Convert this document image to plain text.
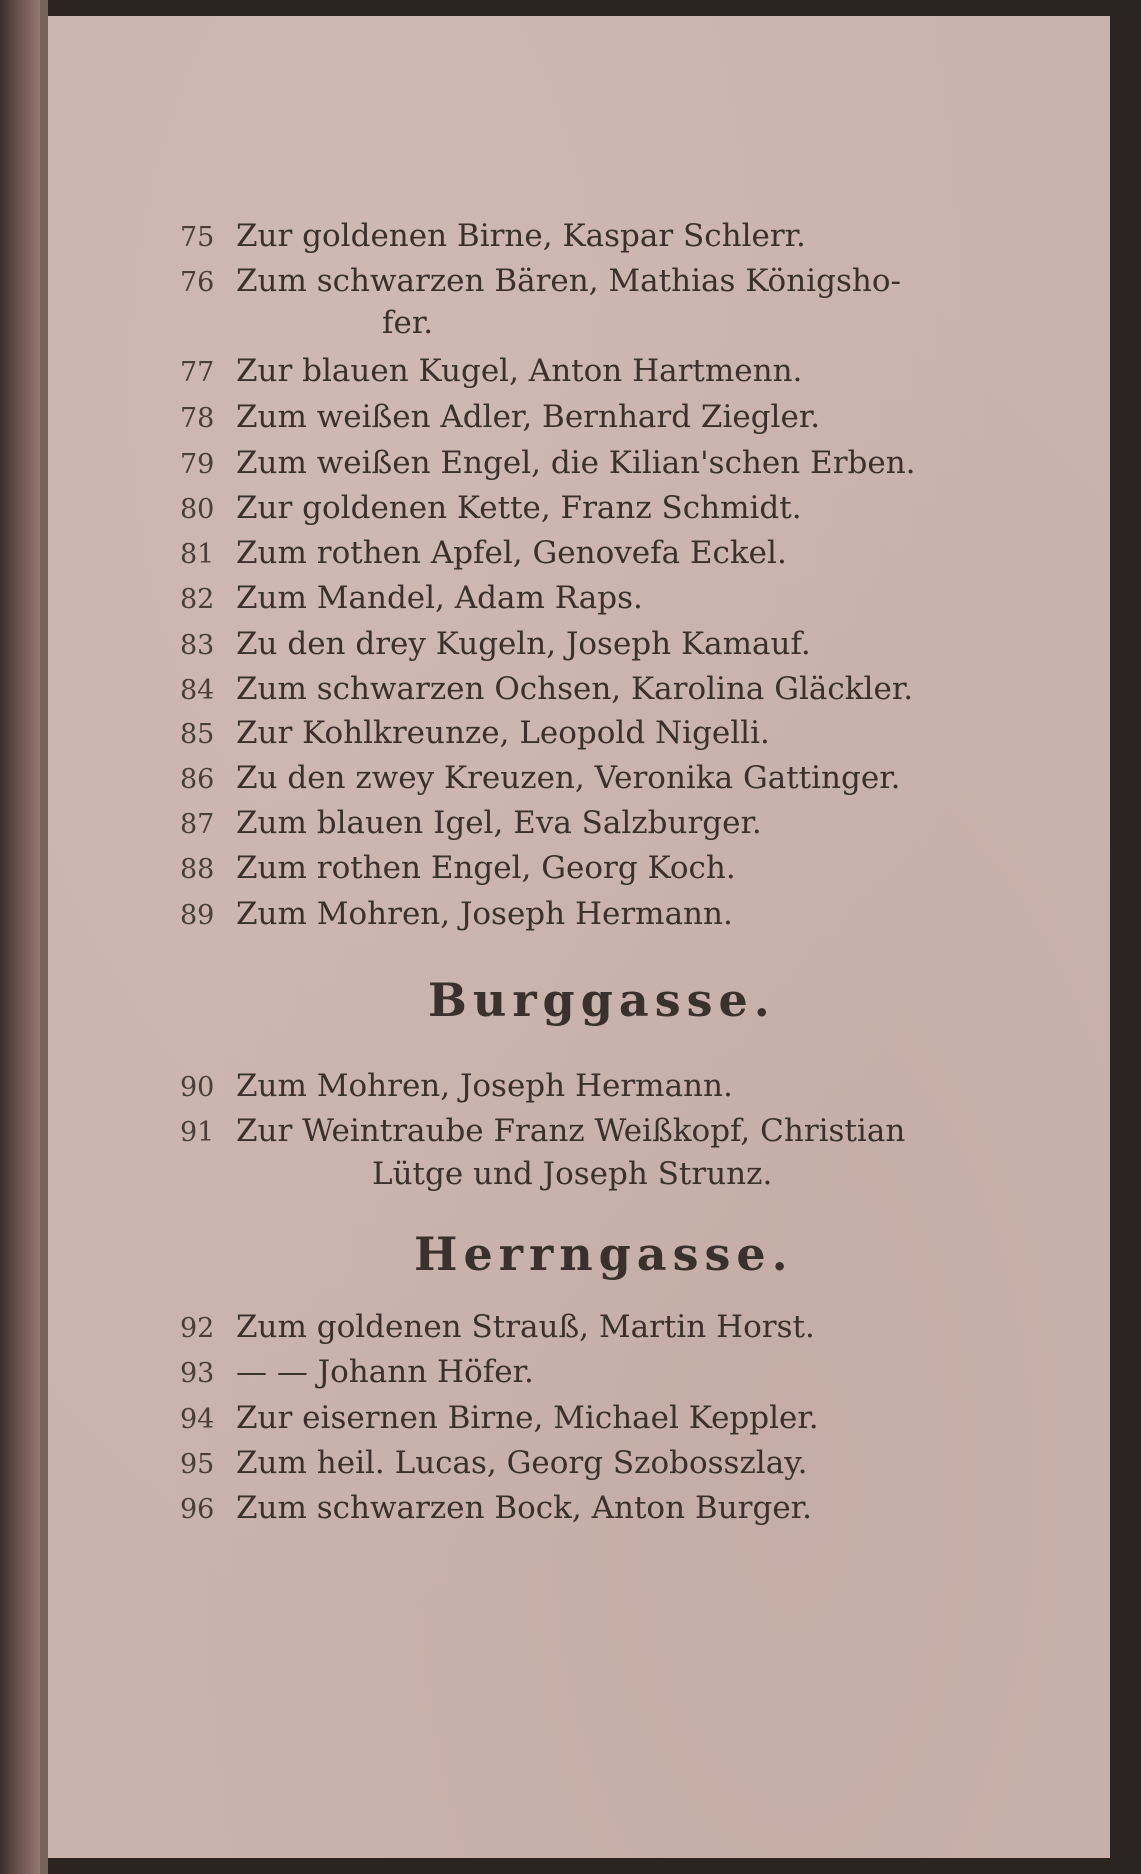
75 Zur goldenen Birne, Kaspar Schlerr.
76 Zum schwarzen Bären, Mathias Königsho-
fer.
77 Zur blauen Kugel, Anton Hartmenn.
78 Zum weißen Adler, Bernhard Ziegler.
79 Zum weißen Engel, die Kilian'schen Erben.
80 Zur goldenen Kette, Franz Schmidt.
81 Zum rothen Apfel, Genovefa Eckel.
82 Zum Mandel, Adam Raps.
83 Zu den drey Kugeln, Joseph Kamauf.
84 Zum schwarzen Ochsen, Karolina Gläckler.
85 Zur Kohlkreunze, Leopold Nigelli.
86 Zu den zwey Kreuzen, Veronika Gattinger.
87 Zum blauen Igel, Eva Salzburger.
88 Zum rothen Engel, Georg Koch.
89 Zum Mohren, Joseph Hermann.
Burggasse.
90 Zum Mohren, Joseph Hermann.
91 Zur Weintraube Franz Weißkopf, Christian
Lütge und Joseph Strunz.
Herrngasse.
92 Zum goldenen Strauß, Martin Horst.
93 — — Johann Höfer.
94 Zur eisernen Birne, Michael Keppler.
95 Zum heil. Lucas, Georg Szobosszlay.
96 Zum schwarzen Bock, Anton Burger.
